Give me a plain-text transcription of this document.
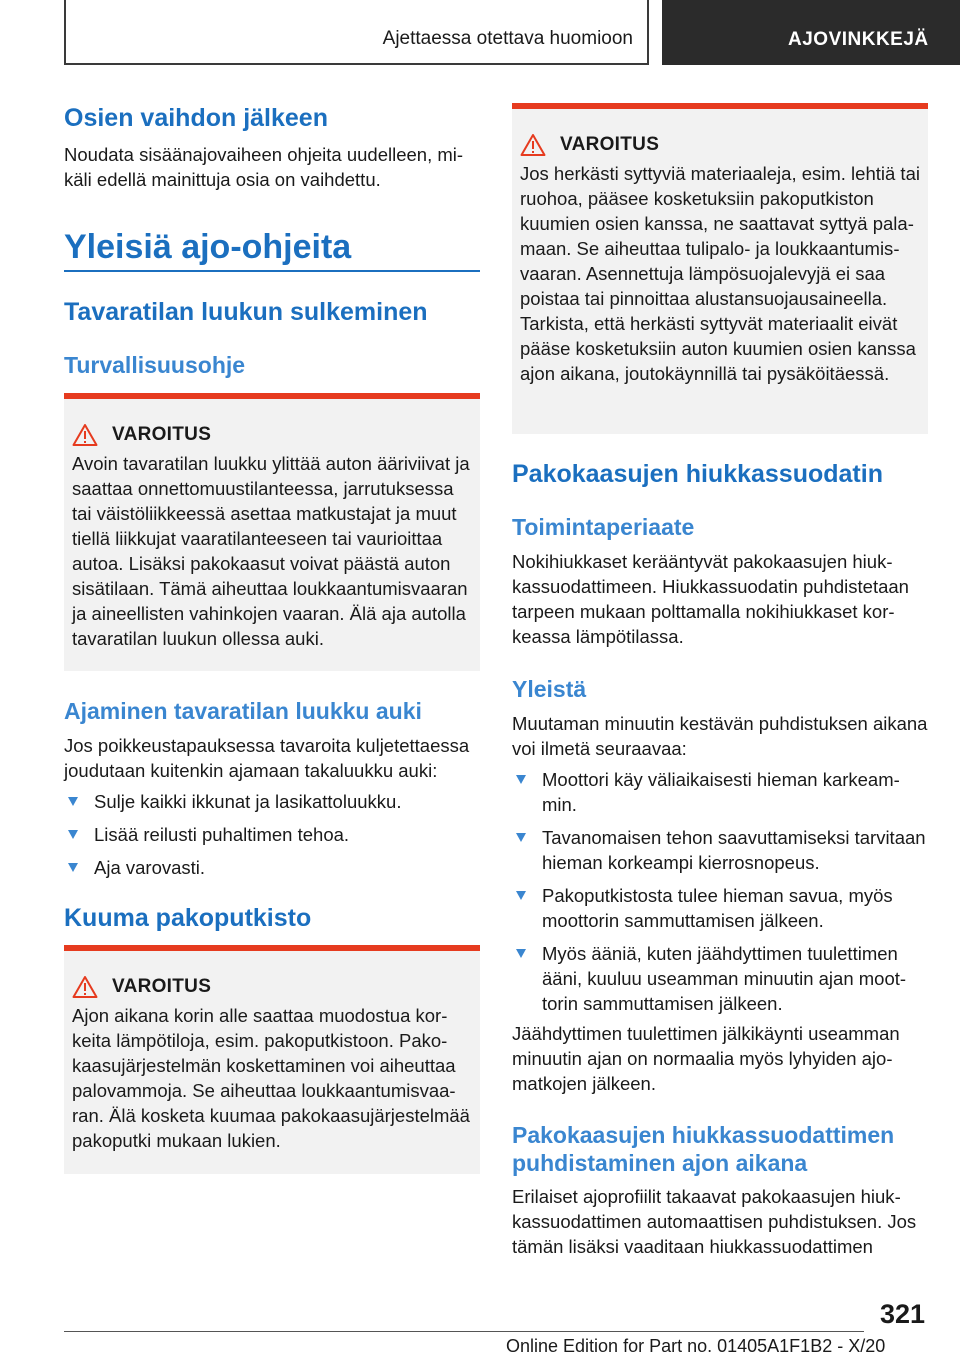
Ajettaessa otettava huomioon	AJOVINKKEJÄ
Osien vaihdon jälkeen
Noudata sisäänajovaiheen ohjeita uudelleen, mikäli edellä mainittuja osia on vaihdettu.
Yleisiä ajo-ohjeita
Tavaratilan luukun sulkeminen
Turvallisuusohje
VAROITUS
Avoin tavaratilan luukku ylittää auton ääriviivat ja saattaa onnettomuustilanteessa, jarrutuksessa tai väistöliikkeessä asettaa matkustajat ja muut tiellä liikkujat vaaratilanteeseen tai vaurioittaa autoa. Lisäksi pakokaasut voivat päästä auton sisätilaan. Tämä aiheuttaa loukkaantumisvaaran ja aineellisten vahinkojen vaaran. Älä aja autolla tavaratilan luukun ollessa auki.
Ajaminen tavaratilan luukku auki
Jos poikkeustapauksessa tavaroita kuljetettaessa joudutaan kuitenkin ajamaan takaluukku auki:
Sulje kaikki ikkunat ja lasikattoluukku.
Lisää reilusti puhaltimen tehoa.
Aja varovasti.
Kuuma pakoputkisto
VAROITUS
Ajon aikana korin alle saattaa muodostua korkeita lämpötiloja, esim. pakoputkistoon. Pakokaasujärjestelmän koskettaminen voi aiheuttaa palovammoja. Se aiheuttaa loukkaantumisvaaran. Älä kosketa kuumaa pakokaasujärjestelmää pakoputki mukaan lukien.
VAROITUS
Jos herkästi syttyviä materiaaleja, esim. lehtiä tai ruohoa, pääsee kosketuksiin pakoputkiston kuumien osien kanssa, ne saattavat syttyä palamaan. Se aiheuttaa tulipalo- ja loukkaantumisvaaran. Asennettuja lämpösuojalevyjä ei saa poistaa tai pinnoittaa alustansuojausaineella. Tarkista, että herkästi syttyvät materiaalit eivät pääse kosketuksiin auton kuumien osien kanssa ajon aikana, joutokäynnillä tai pysäköitäessä.
Pakokaasujen hiukkassuodatin
Toimintaperiaate
Nokihiukkaset kerääntyvät pakokaasujen hiukkassuodattimeen. Hiukkassuodatin puhdistetaan tarpeen mukaan polttamalla nokihiukkaset korkeassa lämpötilassa.
Yleistä
Muutaman minuutin kestävän puhdistuksen aikana voi ilmetä seuraavaa:
Moottori käy väliaikaisesti hieman karkeammin.
Tavanomaisen tehon saavuttamiseksi tarvitaan hieman korkeampi kierrosnopeus.
Pakoputkistosta tulee hieman savua, myös moottorin sammuttamisen jälkeen.
Myös ääniä, kuten jäähdyttimen tuulettimen ääni, kuuluu useamman minuutin ajan moottorin sammuttamisen jälkeen.
Jäähdyttimen tuulettimen jälkikäynti useamman minuutin ajan on normaalia myös lyhyiden ajomatkojen jälkeen.
Pakokaasujen hiukkassuodattimen puhdistaminen ajon aikana
Erilaiset ajoprofiilit takaavat pakokaasujen hiukkassuodattimen automaattisen puhdistuksen. Jos tämän lisäksi vaaditaan hiukkassuodattimen
321
Online Edition for Part no. 01405A1F1B2 - X/20
